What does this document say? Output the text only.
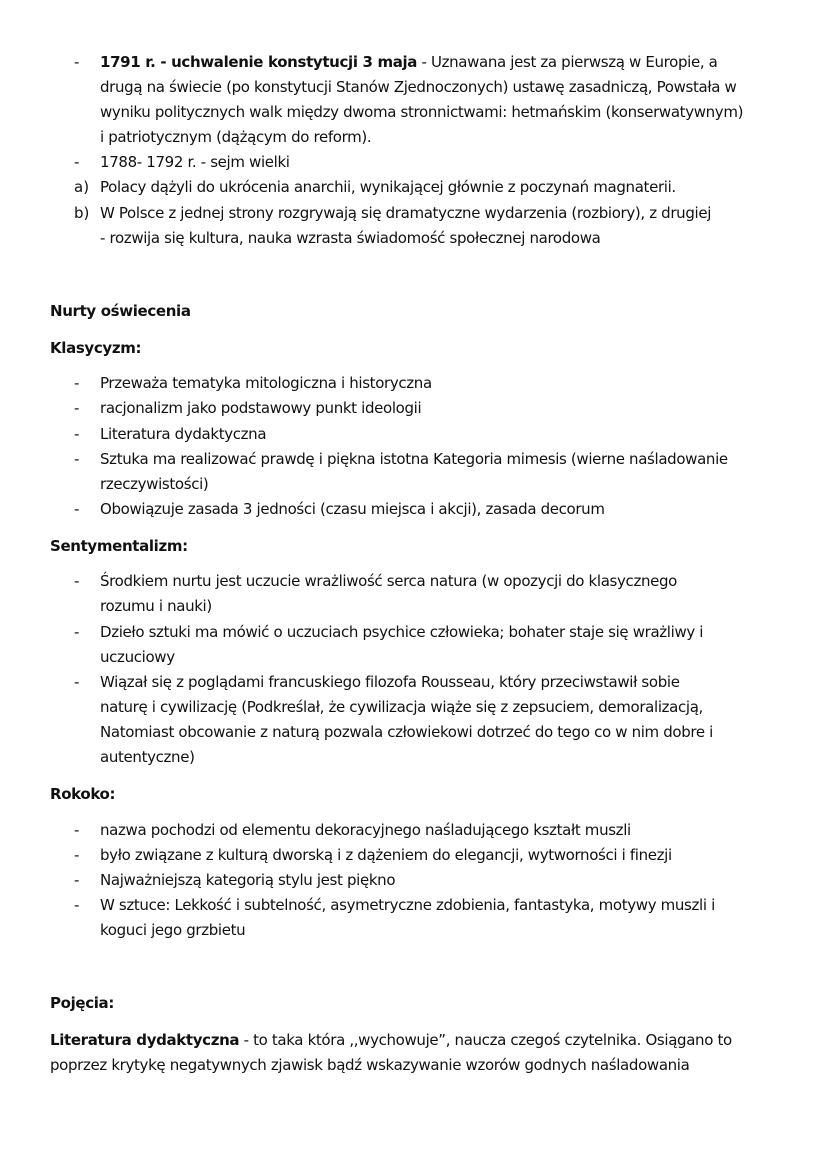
- 1791 r. - uchwalenie konstytucji 3 maja - Uznawana jest za pierwszą w Europie, a
drugą na świecie (po konstytucji Stanów Zjednoczonych) ustawę zasadniczą, Powstała w
wyniku politycznych walk między dwoma stronnictwami: hetmańskim (konserwatywnym)
i patriotycznym (dążącym do reform).
- 1788- 1792 r. - sejm wielki
a) Polacy dążyli do ukrócenia anarchii, wynikającej głównie z poczynań magnaterii.
b) W Polsce z jednej strony rozgrywają się dramatyczne wydarzenia (rozbiory), z drugiej
- rozwija się kultura, nauka wzrasta świadomość społecznej narodowa
Nurty oświecenia
Klasycyzm:
- Przeważa tematyka mitologiczna i historyczna
- racjonalizm jako podstawowy punkt ideologii
- Literatura dydaktyczna
- Sztuka ma realizować prawdę i piękna istotna Kategoria mimesis (wierne naśladowanie
rzeczywistości)
- Obowiązuje zasada 3 jedności (czasu miejsca i akcji), zasada decorum
Sentymentalizm:
- Środkiem nurtu jest uczucie wrażliwość serca natura (w opozycji do klasycznego
rozumu i nauki)
- Dzieło sztuki ma mówić o uczuciach psychice człowieka; bohater staje się wrażliwy i
uczuciowy
- Wiązał się z poglądami francuskiego filozofa Rousseau, który przeciwstawił sobie
naturę i cywilizację (Podkreślał, że cywilizacja wiąże się z zepsuciem, demoralizacją,
Natomiast obcowanie z naturą pozwala człowiekowi dotrzeć do tego co w nim dobre i
autentyczne)
Rokoko:
- nazwa pochodzi od elementu dekoracyjnego naśladującego kształt muszli
- było związane z kulturą dworską i z dążeniem do elegancji, wytworności i finezji
- Najważniejszą kategorią stylu jest piękno
- W sztuce: Lekkość i subtelność, asymetryczne zdobienia, fantastyka, motywy muszli i
koguci jego grzbietu
Pojęcia:
Literatura dydaktyczna - to taka która ,,wychowuje”, naucza czegoś czytelnika. Osiągano to
poprzez krytykę negatywnych zjawisk bądź wskazywanie wzorów godnych naśladowania
